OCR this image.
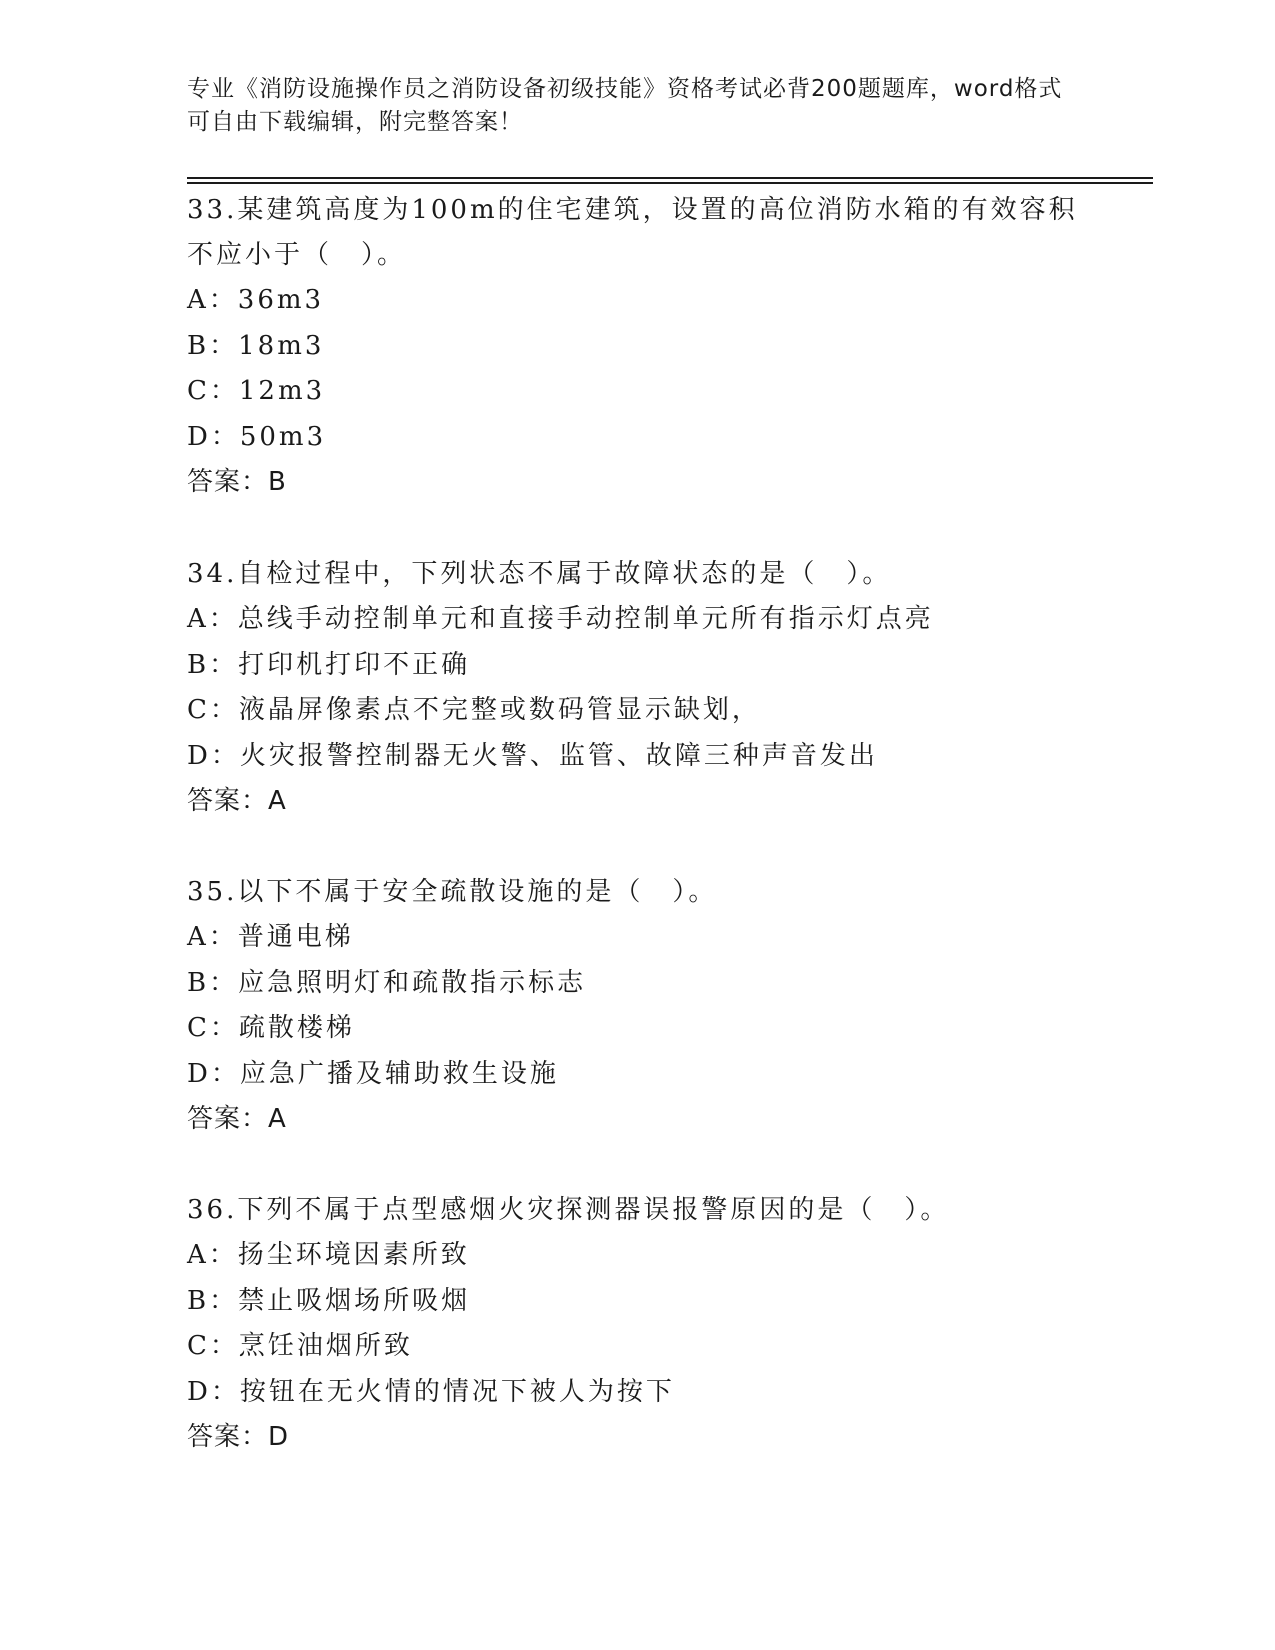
专业《消防设施操作员之消防设备初级技能》资格考试必背200题题库，word格式可自由下载编辑，附完整答案！

33.某建筑高度为100m的住宅建筑，设置的高位消防水箱的有效容积不应小于（　）。

A：36m3

B：18m3

C：12m3

D：50m3

答案：B

34.自检过程中，下列状态不属于故障状态的是（　）。

A：总线手动控制单元和直接手动控制单元所有指示灯点亮

B：打印机打印不正确

C：液晶屏像素点不完整或数码管显示缺划，

D：火灾报警控制器无火警、监管、故障三种声音发出

答案：A

35.以下不属于安全疏散设施的是（　）。

A：普通电梯

B：应急照明灯和疏散指示标志

C：疏散楼梯

D：应急广播及辅助救生设施

答案：A

36.下列不属于点型感烟火灾探测器误报警原因的是（　）。

A：扬尘环境因素所致

B：禁止吸烟场所吸烟

C：烹饪油烟所致

D：按钮在无火情的情况下被人为按下

答案：D
